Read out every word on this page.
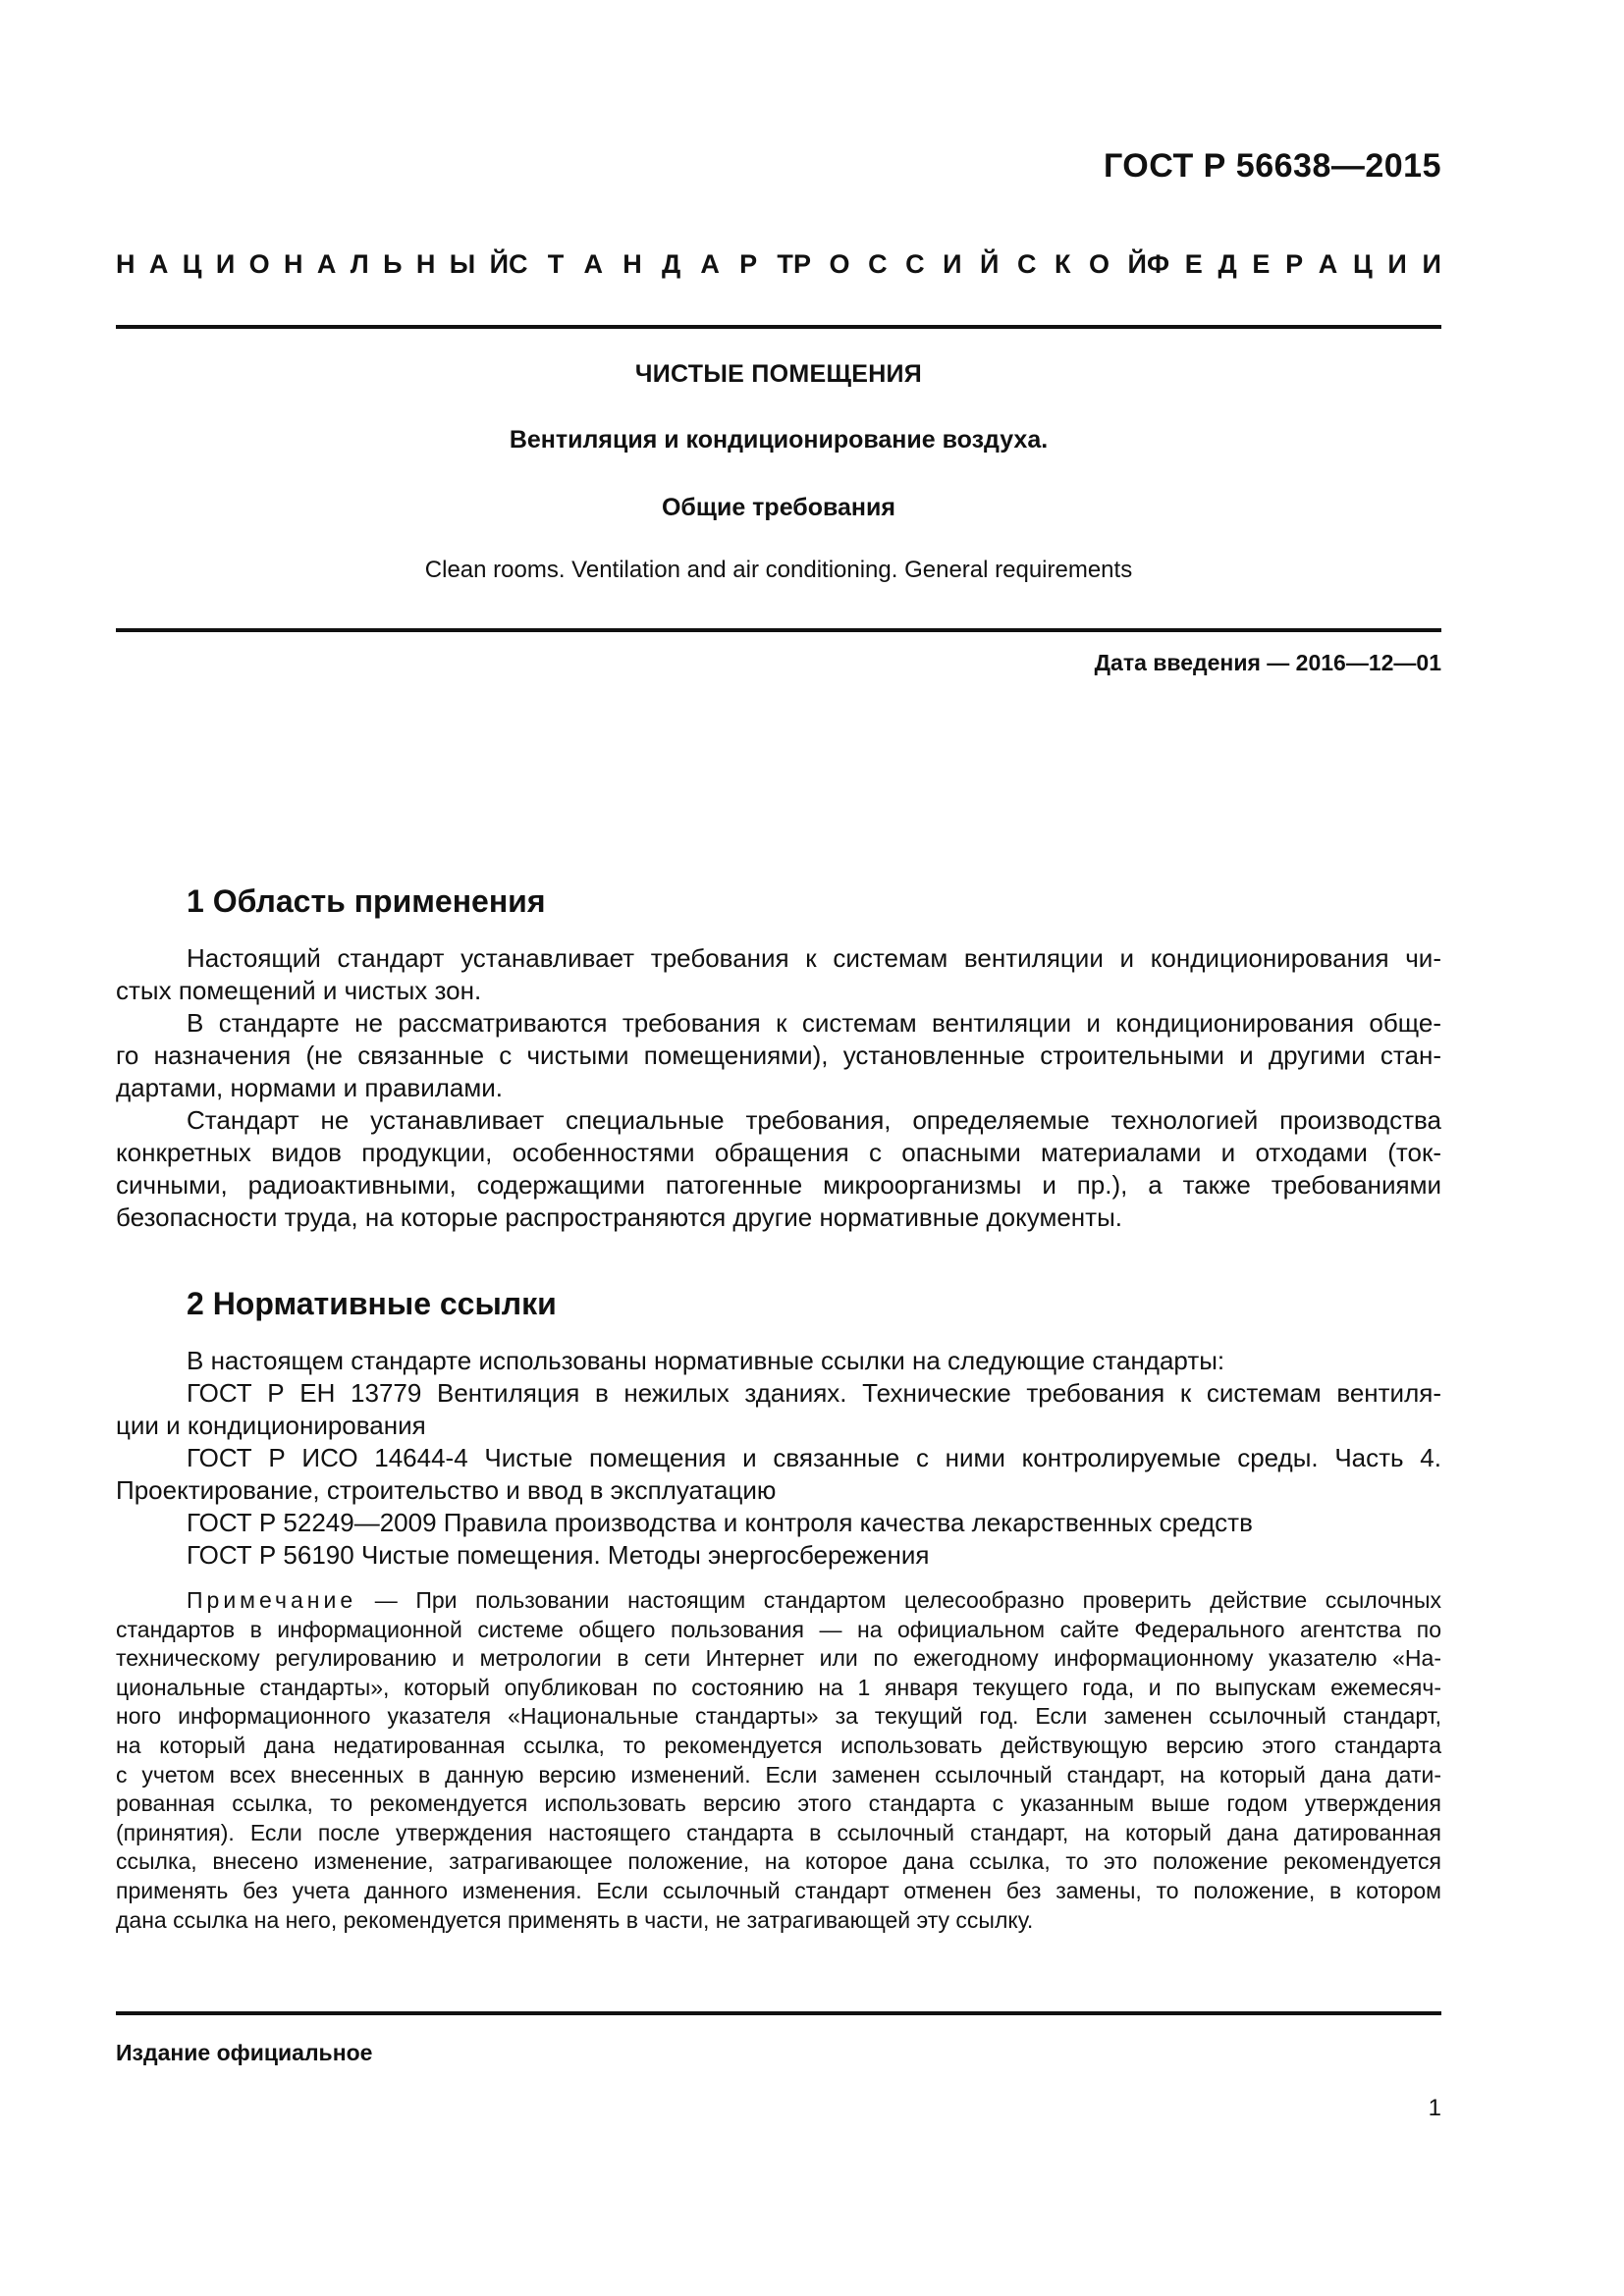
ГОСТ Р 56638—2015
Н А Ц И О Н А Л Ь Н Ы Й С Т А Н Д А Р Т Р О С С И Й С К О Й Ф Е Д Е Р А Ц И И
ЧИСТЫЕ ПОМЕЩЕНИЯ
Вентиляция и кондиционирование воздуха.
Общие требования
Clean rooms. Ventilation and air conditioning. General requirements
Дата введения — 2016—12—01
1 Область применения
Настоящий стандарт устанавливает требования к системам вентиляции и кондиционирования чи-
стых помещений и чистых зон.
В стандарте не рассматриваются требования к системам вентиляции и кондиционирования обще-
го назначения (не связанные с чистыми помещениями), установленные строительными и другими стан-
дартами, нормами и правилами.
Стандарт не устанавливает специальные требования, определяемые технологией производства
конкретных видов продукции, особенностями обращения с опасными материалами и отходами (ток-
сичными, радиоактивными, содержащими патогенные микроорганизмы и пр.), а также требованиями
безопасности труда, на которые распространяются другие нормативные документы.
2 Нормативные ссылки
В настоящем стандарте использованы нормативные ссылки на следующие стандарты:
ГОСТ Р ЕН 13779 Вентиляция в нежилых зданиях. Технические требования к системам вентиля-
ции и кондиционирования
ГОСТ Р ИСО 14644-4 Чистые помещения и связанные с ними контролируемые среды. Часть 4.
Проектирование, строительство и ввод в эксплуатацию
ГОСТ Р 52249—2009 Правила производства и контроля качества лекарственных средств
ГОСТ Р 56190 Чистые помещения. Методы энергосбережения
Примечание — При пользовании настоящим стандартом целесообразно проверить действие ссылочных
стандартов в информационной системе общего пользования — на официальном сайте Федерального агентства по
техническому регулированию и метрологии в сети Интернет или по ежегодному информационному указателю «На-
циональные стандарты», который опубликован по состоянию на 1 января текущего года, и по выпускам ежемесяч-
ного информационного указателя «Национальные стандарты» за текущий год. Если заменен ссылочный стандарт,
на который дана недатированная ссылка, то рекомендуется использовать действующую версию этого стандарта
с учетом всех внесенных в данную версию изменений. Если заменен ссылочный стандарт, на который дана дати-
рованная ссылка, то рекомендуется использовать версию этого стандарта с указанным выше годом утверждения
(принятия). Если после утверждения настоящего стандарта в ссылочный стандарт, на который дана датированная
ссылка, внесено изменение, затрагивающее положение, на которое дана ссылка, то это положение рекомендуется
применять без учета данного изменения. Если ссылочный стандарт отменен без замены, то положение, в котором
дана ссылка на него, рекомендуется применять в части, не затрагивающей эту ссылку.
Издание официальное
1
